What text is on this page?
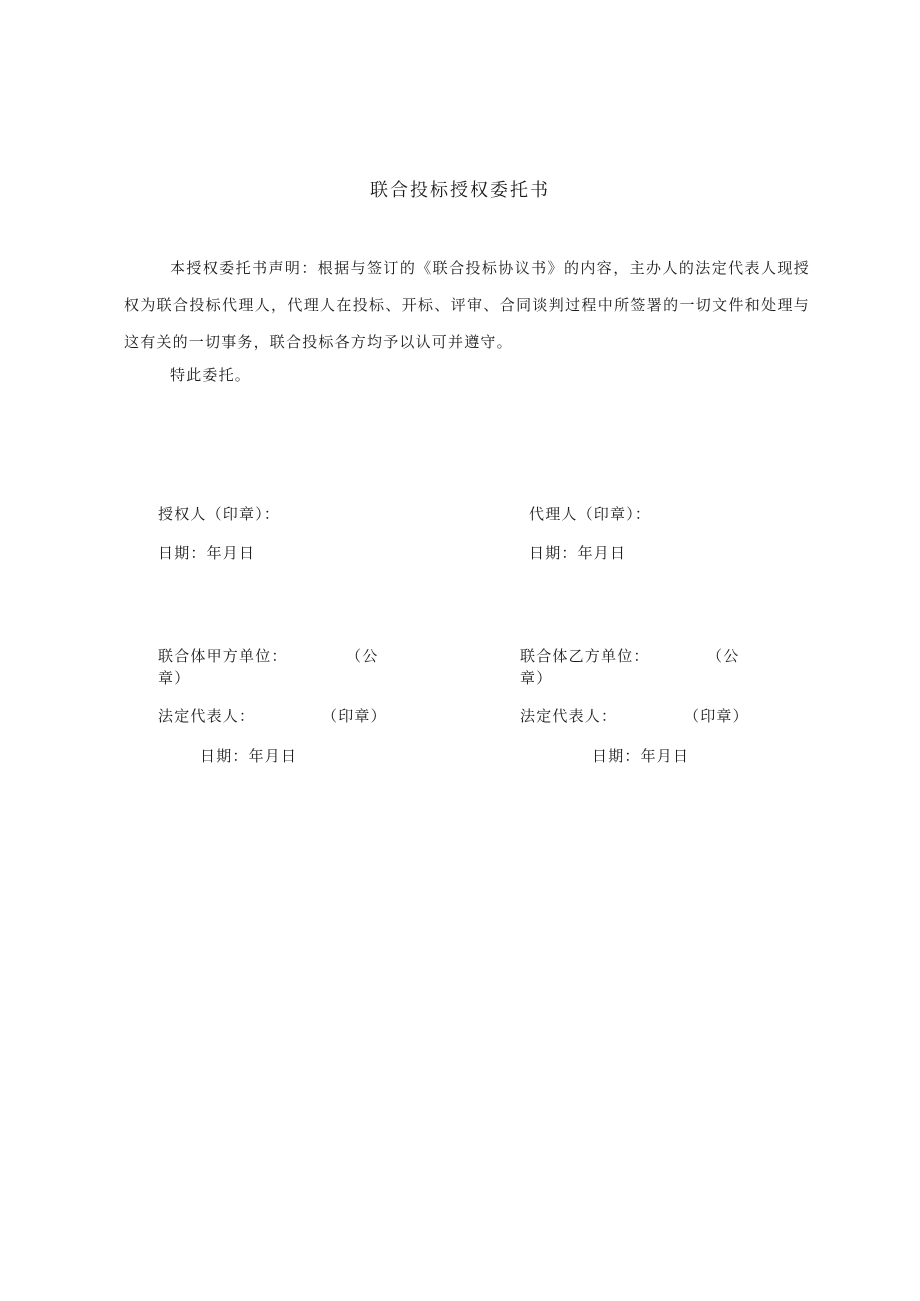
联合投标授权委托书
本授权委托书声明：根据与签订的《联合投标协议书》的内容，主办人的法定代表人现授权为联合投标代理人，代理人在投标、开标、评审、合同谈判过程中所签署的一切文件和处理与这有关的一切事务，联合投标各方均予以认可并遵守。
特此委托。
授权人（印章）：
日期：年月日
代理人（印章）：
日期：年月日
联合体甲方单位：	（公
章）
法定代表人：	（印章）
日期：年月日
联合体乙方单位：	（公
章）
法定代表人：	（印章）
日期：年月日
